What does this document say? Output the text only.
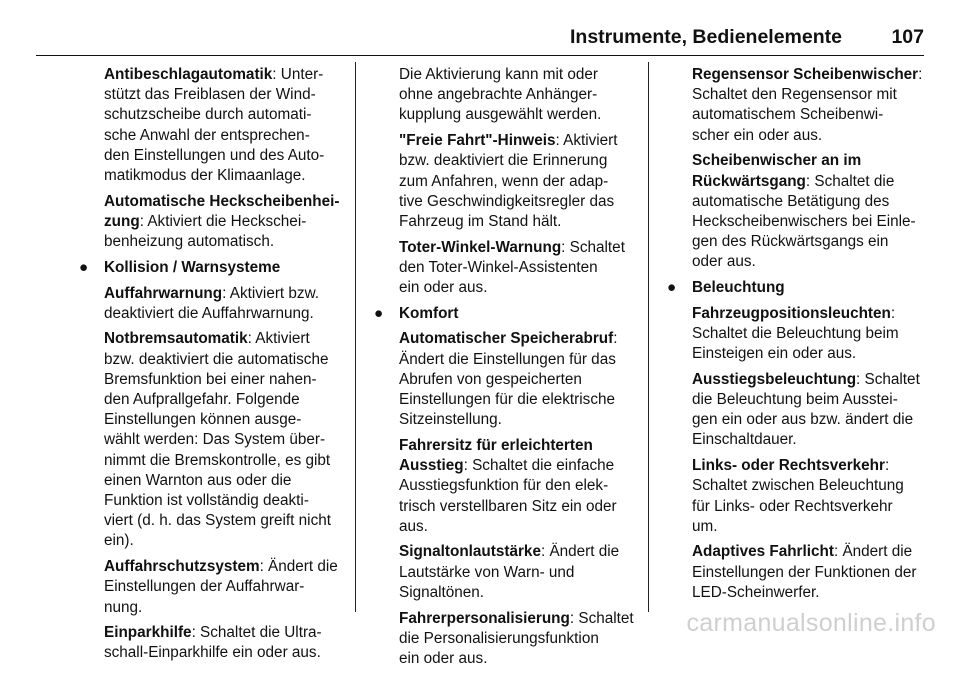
Instrumente, Bedienelemente	107
Antibeschlagautomatik: Unter-
stützt das Freiblasen der Wind-
schutzscheibe durch automati-
sche Anwahl der entsprechen-
den Einstellungen und des Auto-
matikmodus der Klimaanlage.
Automatische Heckscheibenhei-
zung: Aktiviert die Heckschei-
benheizung automatisch.
● Kollision / Warnsysteme
Auffahrwarnung: Aktiviert bzw.
deaktiviert die Auffahrwarnung.
Notbremsautomatik: Aktiviert
bzw. deaktiviert die automatische
Bremsfunktion bei einer nahen-
den Aufprallgefahr. Folgende
Einstellungen können ausge-
wählt werden: Das System über-
nimmt die Bremskontrolle, es gibt
einen Warnton aus oder die
Funktion ist vollständig deakti-
viert (d. h. das System greift nicht
ein).
Auffahrschutzsystem: Ändert die
Einstellungen der Auffahrwar-
nung.
Einparkhilfe: Schaltet die Ultra-
schall-Einparkhilfe ein oder aus.
Die Aktivierung kann mit oder
ohne angebrachte Anhänger-
kupplung ausgewählt werden.
"Freie Fahrt"-Hinweis: Aktiviert
bzw. deaktiviert die Erinnerung
zum Anfahren, wenn der adap-
tive Geschwindigkeitsregler das
Fahrzeug im Stand hält.
Toter-Winkel-Warnung: Schaltet
den Toter-Winkel-Assistenten
ein oder aus.
● Komfort
Automatischer Speicherabruf:
Ändert die Einstellungen für das
Abrufen von gespeicherten
Einstellungen für die elektrische
Sitzeinstellung.
Fahrersitz für erleichterten
Ausstieg: Schaltet die einfache
Ausstiegsfunktion für den elek-
trisch verstellbaren Sitz ein oder
aus.
Signaltonlautstärke: Ändert die
Lautstärke von Warn- und
Signaltönen.
Fahrerpersonalisierung: Schaltet
die Personalisierungsfunktion
ein oder aus.
Regensensor Scheibenwischer:
Schaltet den Regensensor mit
automatischem Scheibenwi-
scher ein oder aus.
Scheibenwischer an im
Rückwärtsgang: Schaltet die
automatische Betätigung des
Heckscheibenwischers bei Einle-
gen des Rückwärtsgangs ein
oder aus.
● Beleuchtung
Fahrzeugpositionsleuchten:
Schaltet die Beleuchtung beim
Einsteigen ein oder aus.
Ausstiegsbeleuchtung: Schaltet
die Beleuchtung beim Ausstei-
gen ein oder aus bzw. ändert die
Einschaltdauer.
Links- oder Rechtsverkehr:
Schaltet zwischen Beleuchtung
für Links- oder Rechtsverkehr
um.
Adaptives Fahrlicht: Ändert die
Einstellungen der Funktionen der
LED-Scheinwerfer.
carmanualsonline.info
